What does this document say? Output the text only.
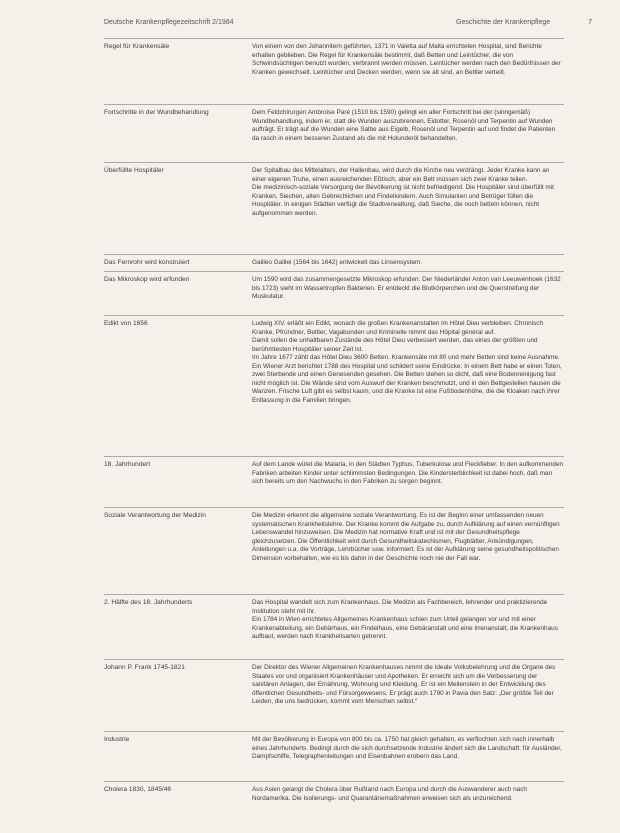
Deutsche Krankenpflegezeitschrift 2/1984	Geschichte der Krankenpflege	7
Regel für Krankensäle	Von einem von den Johannitern geführten, 1371 in Valetta auf Malta errichteten Hospital, sind Berichte erhalten geblieben. Die Regel für Krankensäle bestimmt, daß Betten und Leintücher, die von Schwindsüchtigen benutzt wurden, verbrannt werden müssen. Leintücher werden nach den Bedürfnissen der Kranken gewechselt. Leintücher und Decken werden, wenn sie alt sind, an Bettler verteilt.
Fortschritte in der Wundbehandlung	Dem Feldchirurgen Ambroise Paré (1510 bis 1590) gelingt ein aller Fortschritt bei der (sinngemäß) Wundbehandlung, indem er, statt die Wunden auszubrennen, Eidotter, Rosenöl und Terpentin auf Wunden aufträgt. Er trägt auf die Wunden eine Salbe aus Eigelb, Rosenöl und Terpentin auf und findet die Patienten da rasch in einem besseren Zustand als die mit Holunderöl behandelten.
Überfüllte Hospitäler	Der Spitalbau des Mittelalters, der Hallenbau, wird durch die Kirche neu verdrängt. Jeder Kranke kann an einer eigenen Truhe, einen ausreichenden Eßtisch, aber ein Bett müssen sich zwei Kranke teilen.
Die medizinisch-soziale Versorgung der Bevölkerung ist nicht befriedigend. Die Hospitäler sind überfüllt mit Kranken, Siechen, alten Gebrechlichen und Findelkindern. Auch Simulanten und Betrüger füllen die Hospitäler. In einigen Städten verfügt die Stadtverwaltung, daß Sieche, die noch betteln können, nicht aufgenommen werden.
Das Fernrohr wird konstruiert	Galileo Galilei (1564 bis 1642) entwickelt das Linsensystem.
Das Mikroskop wird erfunden	Um 1590 wird das zusammengesetzte Mikroskop erfunden. Der Niederländer Anton van Leeuwenhoek (1632 bis 1723) sieht im Wassertropfen Bakterien. Er entdeckt die Blutkörperchen und die Querstreifung der Muskulatur.
Edikt von 1656	Ludwig XIV. erläßt ein Edikt, wonach die großen Krankenanstalten im Hôtel Dieu verbleiben. Chronisch Kranke, Pfründner, Bettler, Vagabunden und Kriminelle nimmt das Hôpital général auf.
Damit sollen die unhaltbaren Zustände des Hôtel Dieu verbessert werden, das eines der größten und berühmtesten Hospitäler seiner Zeit ist.
Im Jahre 1677 zählt das Hôtel Dieu 3600 Betten. Krankensäle mit 80 und mehr Betten sind keine Ausnahme. Ein Wiener Arzt berichtet 1788 des Hospital und schildert seine Eindrücke: In einem Bett habe er einen Toten, zwei Sterbende und einen Genesenden gesehen. Die Betten stehen so dicht, daß eine Bodenreinigung fast nicht möglich ist. Die Wände sind vom Auswurf der Kranken beschmutzt, und in den Bettgestellen hausen die Wanzen. Frische Luft gibt es selbst kaum, und die Kranke ist eine Fußbodenhöhe, die die Kloaken nach ihrer Entlassung in die Familien bringen.
18. Jahrhundert	Auf dem Lande wütet die Malaria, in den Städten Typhus, Tuberkulose und Fleckfieber. In den aufkommenden Fabriken arbeiten Kinder unter schlimmsten Bedingungen. Die Kindersterblichkeit ist dabei hoch, daß man sich bereits um den Nachwuchs in den Fabriken zu sorgen beginnt.
Soziale Verantwortung der Medizin	Die Medizin erkennt die allgemeine soziale Verantwortung. Es ist der Beginn einer umfassenden neuen systematischen Krankheitslehre. Der Kranke kommt die Aufgabe zu, durch Aufklärung auf einen vernünftigen Lebenswandel hinzuweisen. Die Medizin hat normative Kraft und ist mit der Gesundheitspflege gleichzusetzen. Die Öffentlichkeit wird durch Gesundheitskatechismen, Flugblätter, Ankündigungen, Anleitungen u.a. die Vorträge, Lehrbücher usw. informiert. Es ist der Aufklärung seine gesundheitspolitischen Dimension vorbehalten, wie es bis dahin in der Geschichte noch nie der Fall war.
2. Hälfte des 18. Jahrhunderts	Das Hospital wandelt sich zum Krankenhaus. Die Medizin als Fachbereich, lehrender und praktizierende Institution steht mit ihr.
Ein 1784 in Wien errichtetes Allgemeines Krankenhaus schien zum Urteil gelangen vor und mit einer Krankenabteilung, ein Gebärhaus, ein Findelhaus, eine Gebäranstalt und eine Irrenanstalt, die Krankenhaus aufbaut, werden nach Krankheitsarten getrennt.
Johann P. Frank 1745-1821	Der Direktor des Wiener Allgemeinen Krankenhauses nimmt die Ideale Volksbelehrung und die Organe des Staates vor und organisiert Krankenhäuser und Apotheken. Er erreicht sich um die Verbesserung der sanitären Anlagen, der Ernährung, Wohnung und Kleidung. Er ist ein Meilenstein in der Entwicklung des öffentlichen Gesundheits- und Fürsorgewesens. Er prägt auch 1790 in Pavia den Satz: „Der größte Teil der Leiden, die uns bedrücken, kommt vom Menschen selbst.“
Industrie	Mit der Bevölkerung in Europa von 800 bis ca. 1750 hat gleich gehalten, es verflochten sich nach innerhalb eines Jahrhunderts. Bedingt durch die sich durchsetzende Industrie ändert sich die Landschaft: für Ausländer, Dampfschiffe, Telegraphenleitungen und Eisenbahnen erobern das Land.
Cholera 1830, 1845/46	Aus Asien gelangt die Cholera über Rußland nach Europa und durch die Auswanderer auch nach Nordamerika. Die Isolierungs- und Quarantänemaßnahmen erweisen sich als unzureichend.
